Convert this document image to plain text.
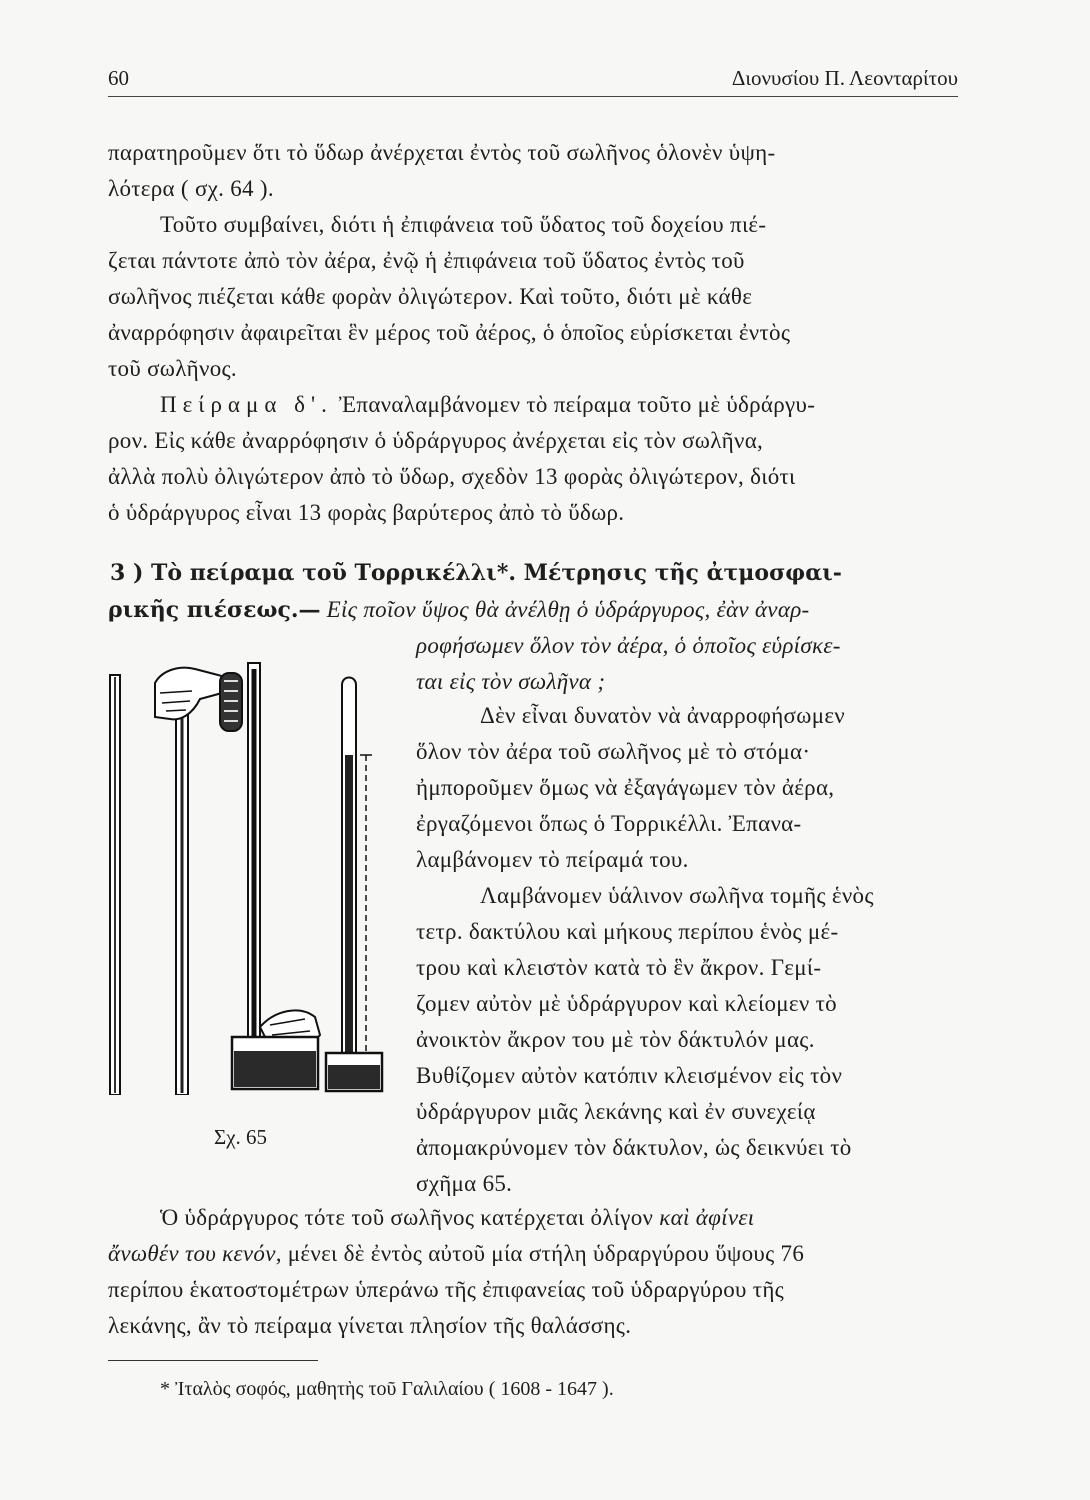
60	Διονυσίου Π. Λεονταρίτου
παρατηροῦμεν ὅτι τὸ ὕδωρ ἀνέρχεται ἐντὸς τοῦ σωλῆνος ὁλονὲν ὑψη-
λότερα ( σχ. 64 ).
Τοῦτο συμβαίνει, διότι ἡ ἐπιφάνεια τοῦ ὕδατος τοῦ δοχείου πιέ-
ζεται πάντοτε ἀπὸ τὸν ἀέρα, ἐνῷ ἡ ἐπιφάνεια τοῦ ὕδατος ἐντὸς τοῦ
σωλῆνος πιέζεται κάθε φορὰν ὀλιγώτερον. Καὶ τοῦτο, διότι μὲ κάθε
ἀναρρόφησιν ἀφαιρεῖται ἓν μέρος τοῦ ἀέρος, ὁ ὁποῖος εὑρίσκεται ἐντὸς
τοῦ σωλῆνος.
Πείραμα δ'. Ἐπαναλαμβάνομεν τὸ πείραμα τοῦτο μὲ ὑδράργυ-
ρον. Εἰς κάθε ἀναρρόφησιν ὁ ὑδράργυρος ἀνέρχεται εἰς τὸν σωλῆνα,
ἀλλὰ πολὺ ὀλιγώτερον ἀπὸ τὸ ὕδωρ, σχεδὸν 13 φορὰς ὀλιγώτερον, διότι
ὁ ὑδράργυρος εἶναι 13 φορὰς βαρύτερος ἀπὸ τὸ ὕδωρ.
3 ) Τὸ πείραμα τοῦ Τορρικέλλι*. Μέτρησις τῆς ἀτμοσφαι-
ρικῆς πιέσεως.— Εἰς ποῖον ὕψος θὰ ἀνέλθῃ ὁ ὑδράργυρος, ἐὰν ἀναρ-
ροφήσωμεν ὅλον τὸν ἀέρα, ὁ ὁποῖος εὑρίσκε-
ται εἰς τὸν σωλῆνα ;
Δὲν εἶναι δυνατὸν νὰ ἀναρροφήσωμεν
ὅλον τὸν ἀέρα τοῦ σωλῆνος μὲ τὸ στόμα·
ἠμποροῦμεν ὅμως νὰ ἐξαγάγωμεν τὸν ἀέρα,
ἐργαζόμενοι ὅπως ὁ Τορρικέλλι. Ἐπανα-
λαμβάνομεν τὸ πείραμά του.
Λαμβάνομεν ὑάλινον σωλῆνα τομῆς ἑνὸς
τετρ. δακτύλου καὶ μήκους περίπου ἑνὸς μέ-
τρου καὶ κλειστὸν κατὰ τὸ ἓν ἄκρον. Γεμί-
ζομεν αὐτὸν μὲ ὑδράργυρον καὶ κλείομεν τὸ
ἀνοικτὸν ἄκρον του μὲ τὸν δάκτυλόν μας.
Βυθίζομεν αὐτὸν κατόπιν κλεισμένον εἰς τὸν
ὑδράργυρον μιᾶς λεκάνης καὶ ἐν συνεχείᾳ
ἀπομακρύνομεν τὸν δάκτυλον, ὡς δεικνύει τὸ
σχῆμα 65.
Σχ. 65
Ὁ ὑδράργυρος τότε τοῦ σωλῆνος κατέρχεται ὀλίγον καὶ ἀφίνει
ἄνωθέν του κενόν, μένει δὲ ἐντὸς αὐτοῦ μία στήλη ὑδραργύρου ὕψους 76
περίπου ἑκατοστομέτρων ὑπεράνω τῆς ἐπιφανείας τοῦ ὑδραργύρου τῆς
λεκάνης, ἂν τὸ πείραμα γίνεται πλησίον τῆς θαλάσσης.
* Ἰταλὸς σοφός, μαθητὴς τοῦ Γαλιλαίου ( 1608 - 1647 ).
